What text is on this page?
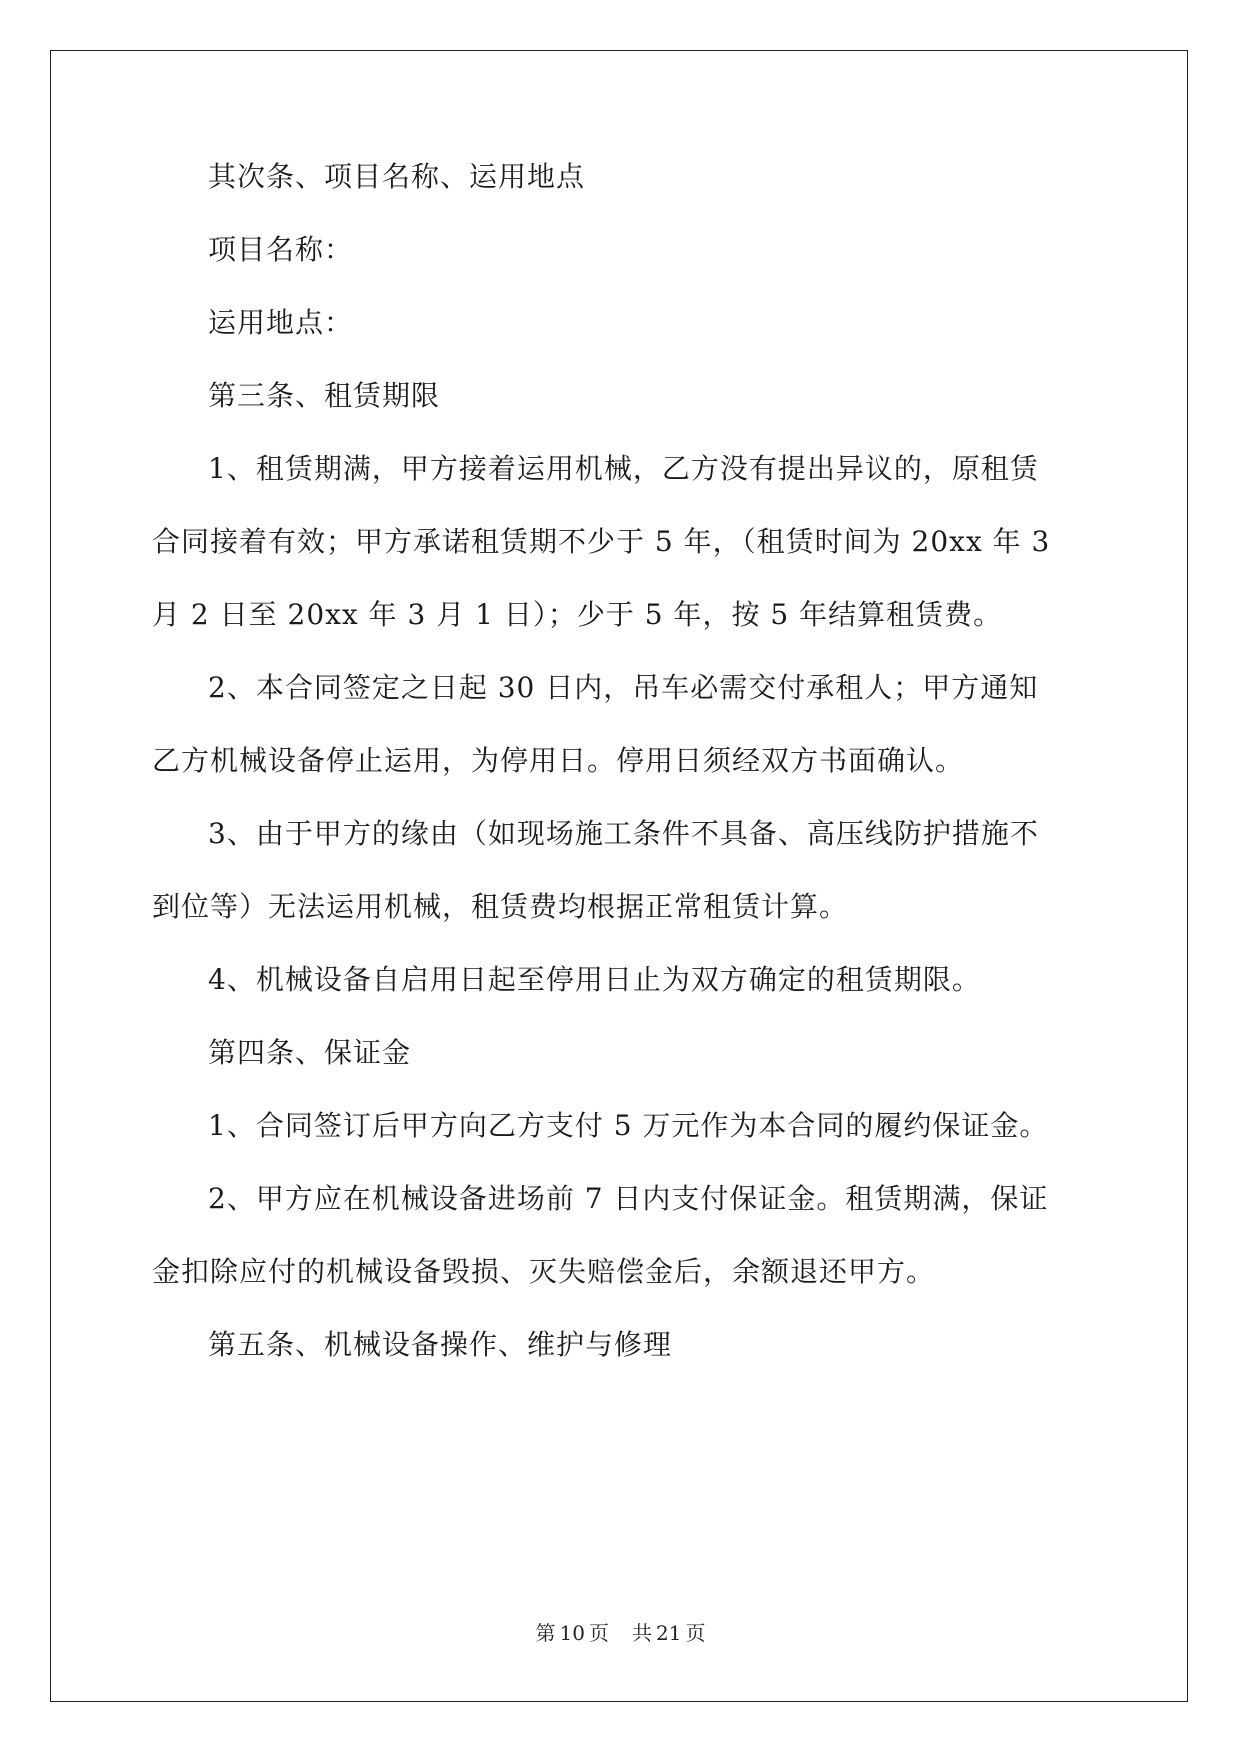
其次条、项目名称、运用地点
项目名称：
运用地点：
第三条、租赁期限
1、租赁期满，甲方接着运用机械，乙方没有提出异议的，原租赁
合同接着有效；甲方承诺租赁期不少于 5 年，（租赁时间为 20xx 年 3
月 2 日至 20xx 年 3 月 1 日）；少于 5 年，按 5 年结算租赁费。
2、本合同签定之日起 30 日内，吊车必需交付承租人；甲方通知
乙方机械设备停止运用，为停用日。停用日须经双方书面确认。
3、由于甲方的缘由（如现场施工条件不具备、高压线防护措施不
到位等）无法运用机械，租赁费均根据正常租赁计算。
4、机械设备自启用日起至停用日止为双方确定的租赁期限。
第四条、保证金
1、合同签订后甲方向乙方支付 5 万元作为本合同的履约保证金。
2、甲方应在机械设备进场前 7 日内支付保证金。租赁期满，保证
金扣除应付的机械设备毁损、灭失赔偿金后，余额退还甲方。
第五条、机械设备操作、维护与修理
第 10 页 共 21 页
